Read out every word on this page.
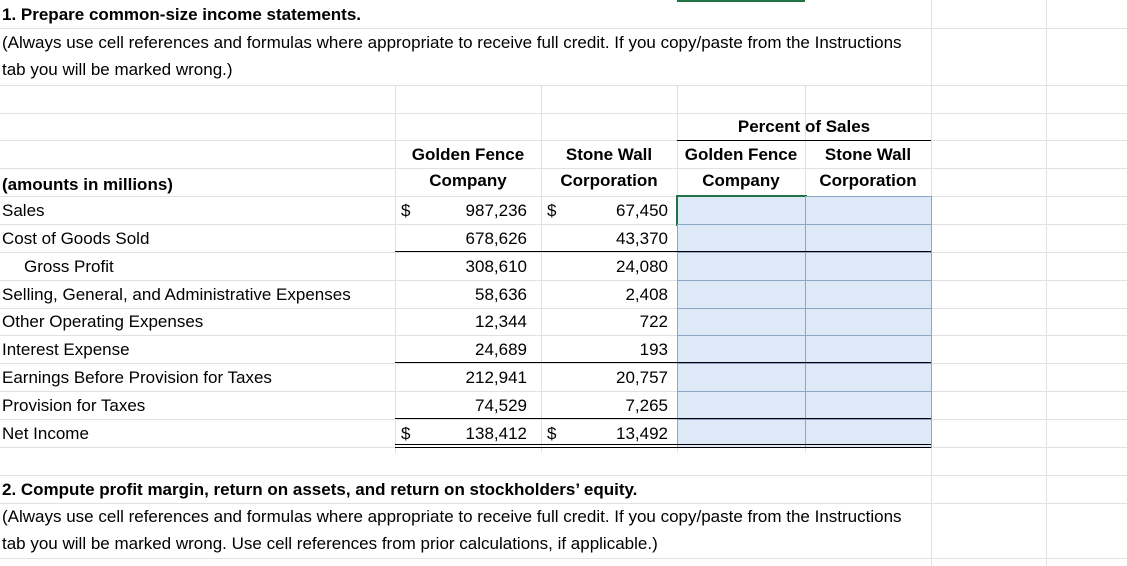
1. Prepare common-size income statements.
(Always use cell references and formulas where appropriate to receive full credit. If you copy/paste from the Instructions
tab you will be marked wrong.)
Percent of Sales
Golden Fence
Company
Stone Wall
Corporation
Golden Fence
Company
Stone Wall
Corporation
(amounts in millions)
Sales
Cost of Goods Sold
Gross Profit
Selling, General, and Administrative Expenses
Other Operating Expenses
Interest Expense
Earnings Before Provision for Taxes
Provision for Taxes
Net Income
$	$
$	$
987,236
678,626
308,610
58,636
12,344
24,689
212,941
74,529
138,412
67,450
43,370
24,080
2,408
722
193
20,757
7,265
13,492
2. Compute profit margin, return on assets, and return on stockholders’ equity.
(Always use cell references and formulas where appropriate to receive full credit. If you copy/paste from the Instructions
tab you will be marked wrong. Use cell references from prior calculations, if applicable.)
